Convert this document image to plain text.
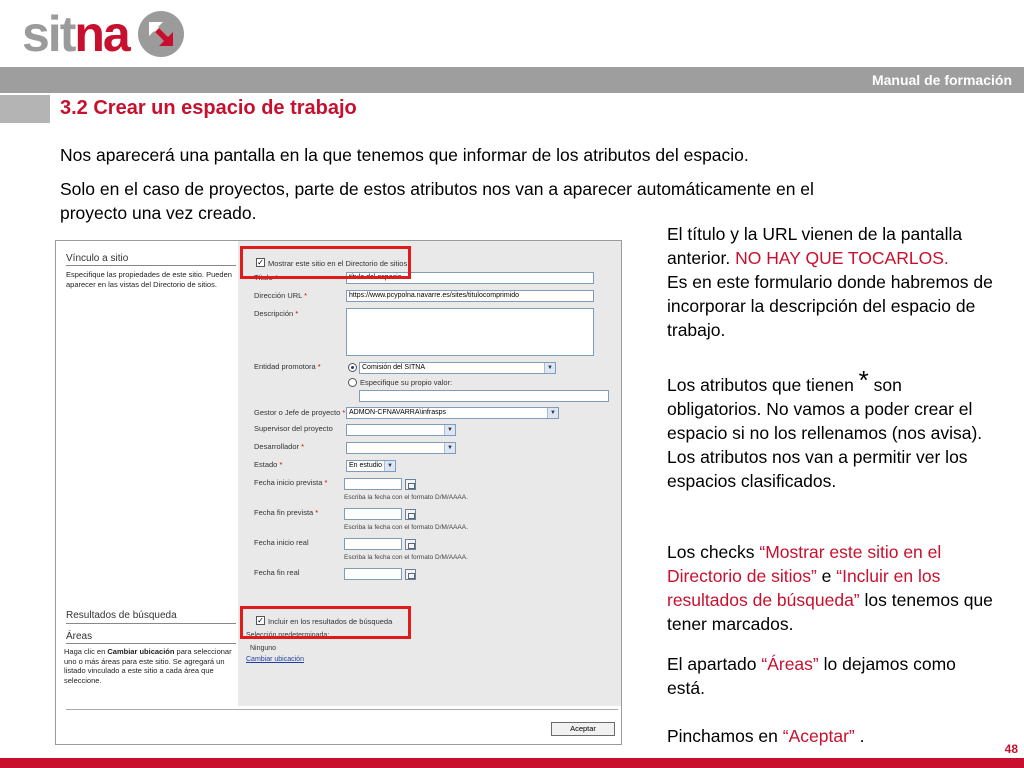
sitna
Manual de formación
3.2 Crear un espacio de trabajo
Nos aparecerá una pantalla en la que tenemos que informar de los atributos del espacio.
Solo en el caso de proyectos, parte de estos atributos nos van a aparecer automáticamente en el proyecto una vez creado.
Vínculo a sitio
Especifique las propiedades de este sitio. Pueden aparecer en las vistas del Directorio de sitios.
✓ Mostrar este sitio en el Directorio de sitios
Título *	título del espacio
Dirección URL *	https://www.pcypolna.navarre.es/sites/titulocomprimido
Descripción *
Entidad promotora *	Comisión del SITNA	▼
Especifique su propio valor:
Gestor o Jefe de proyecto * ADMON-CFNAVARRA\infrasps	▼
Supervisor del proyecto	▼
Desarrollador *	▼
Estado *	En estudio ▼
Fecha inicio prevista *
Escriba la fecha con el formato D/M/AAAA.
Fecha fin prevista *
Escriba la fecha con el formato D/M/AAAA.
Fecha inicio real
Escriba la fecha con el formato D/M/AAAA.
Fecha fin real
Resultados de búsqueda	✓ Incluir en los resultados de búsqueda
Áreas
Haga clic en Cambiar ubicación para seleccionar uno o más áreas para este sitio. Se agregará un listado vinculado a este sitio a cada área que seleccione.
Selección predeterminada:
Ninguno
Cambiar ubicación
Aceptar
El título y la URL vienen de la pantalla anterior. NO HAY QUE TOCARLOS.
Es en este formulario donde habremos de incorporar la descripción del espacio de trabajo.
Los atributos que tienen * son obligatorios. No vamos a poder crear el espacio si no los rellenamos (nos avisa).
Los atributos nos van a permitir ver los espacios clasificados.
Los checks “Mostrar este sitio en el Directorio de sitios” e “Incluir en los resultados de búsqueda” los tenemos que tener marcados.
El apartado “Áreas” lo dejamos como está.
Pinchamos en “Aceptar” .
48
